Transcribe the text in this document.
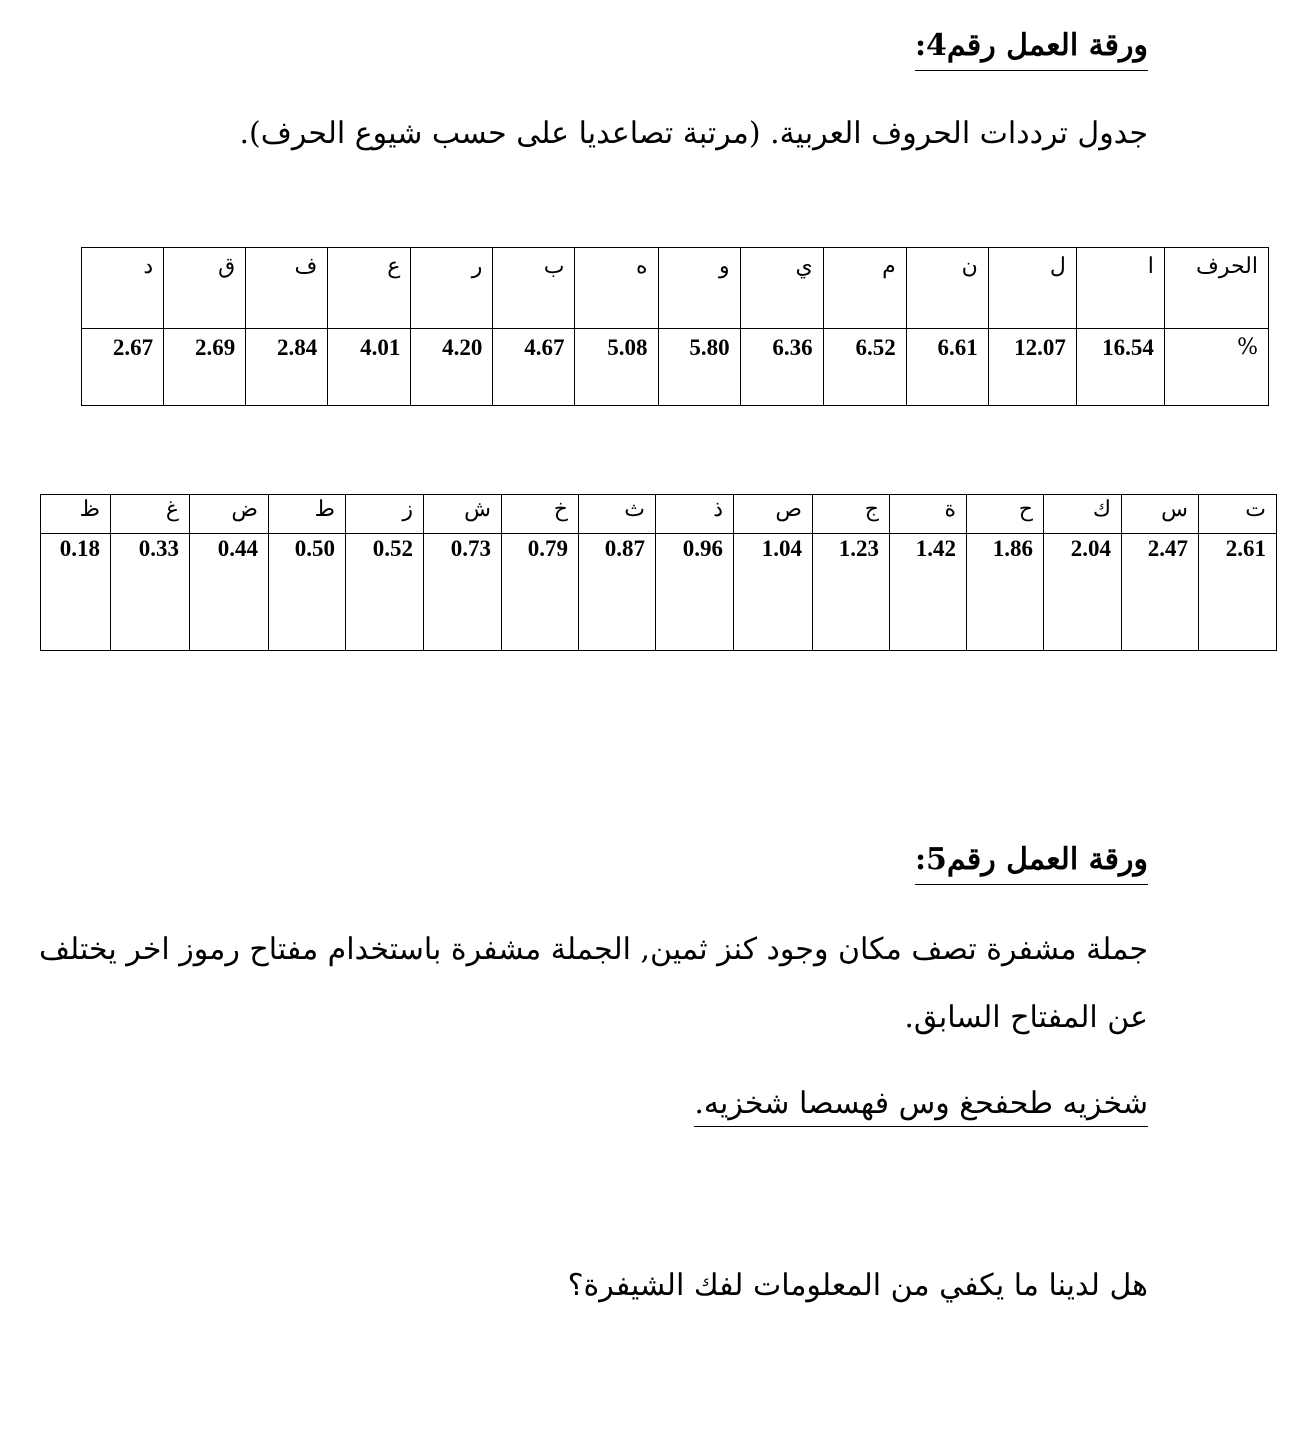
ورقة العمل رقم4:
جدول ترددات الحروف العربية. (مرتبة تصاعديا على حسب شيوع الحرف).
الحرف	ا	ل	ن	م	ي	و	ه	ب	ر	ع	ف	ق	د
%	16.54	12.07	6.61	6.52	6.36	5.80	5.08	4.67	4.20	4.01	2.84	2.69	2.67
ت	س	ك	ح	ة	ج	ص	ذ	ث	خ	ش	ز	ط	ض	غ	ظ
2.61	2.47	2.04	1.86	1.42	1.23	1.04	0.96	0.87	0.79	0.73	0.52	0.50	0.44	0.33	0.18
ورقة العمل رقم5:
جملة مشفرة تصف مكان وجود كنز ثمين, الجملة مشفرة باستخدام مفتاح رموز اخر يختلف
عن المفتاح السابق.
شخزيه طحفحغ وس فهسصا شخزيه.
هل لدينا ما يكفي من المعلومات لفك الشيفرة؟
